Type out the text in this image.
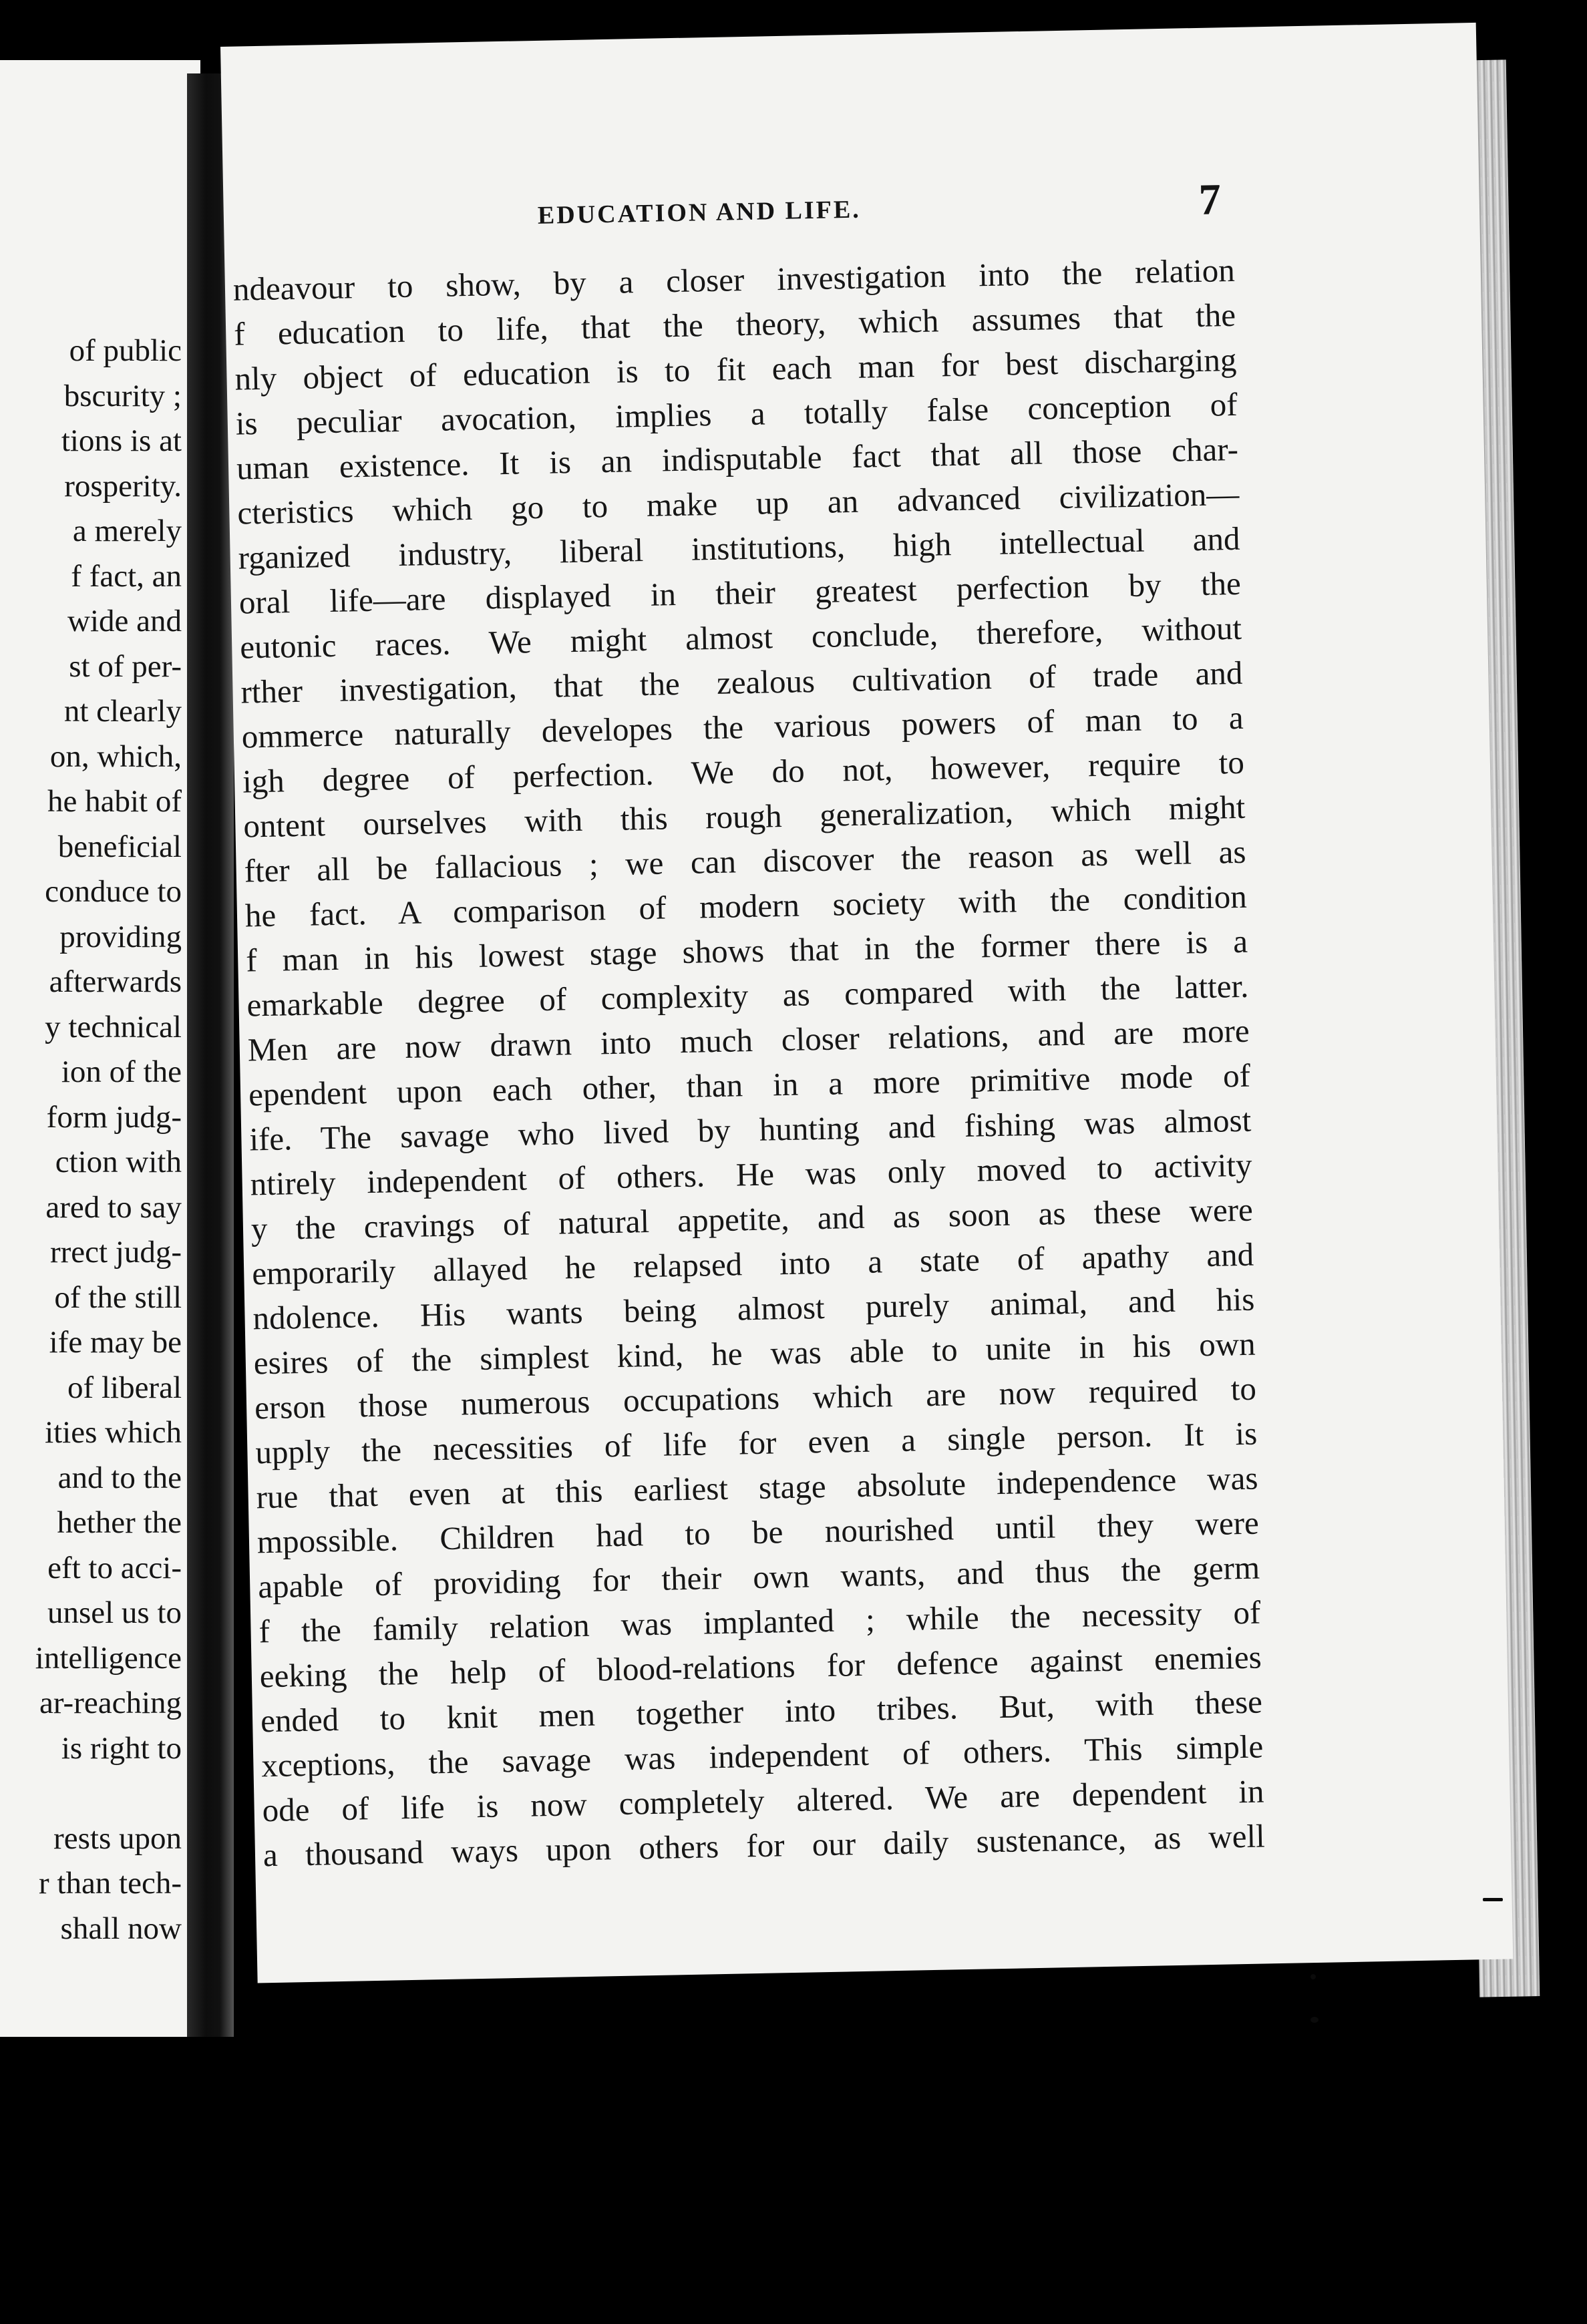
of public
bscurity ;
tions is at
rosperity.
a merely
f fact, an
wide and
st of per-
nt clearly
on, which,
he habit of
beneficial
conduce to
providing
afterwards
y technical
ion of the
form judg-
ction with
ared to say
rrect judg-
of the still
ife may be
of liberal
ities which
and to the
hether the
eft to acci-
unsel us to
intelligence
ar-reaching
is right to
rests upon
r than tech-
shall now
EDUCATION AND LIFE.	7
ndeavour to show, by a closer investigation into the relation
f education to life, that the theory, which assumes that the
nly object of education is to fit each man for best discharging
is peculiar avocation, implies a totally false conception of
uman existence. It is an indisputable fact that all those char-
cteristics which go to make up an advanced civilization—
rganized industry, liberal institutions, high intellectual and
oral life—are displayed in their greatest perfection by the
eutonic races. We might almost conclude, therefore, without
rther investigation, that the zealous cultivation of trade and
ommerce naturally developes the various powers of man to a
igh degree of perfection. We do not, however, require to
ontent ourselves with this rough generalization, which might
fter all be fallacious ; we can discover the reason as well as
he fact. A comparison of modern society with the condition
f man in his lowest stage shows that in the former there is a
emarkable degree of complexity as compared with the latter.
Men are now drawn into much closer relations, and are more
ependent upon each other, than in a more primitive mode of
ife. The savage who lived by hunting and fishing was almost
ntirely independent of others. He was only moved to activity
y the cravings of natural appetite, and as soon as these were
emporarily allayed he relapsed into a state of apathy and
ndolence. His wants being almost purely animal, and his
esires of the simplest kind, he was able to unite in his own
erson those numerous occupations which are now required to
upply the necessities of life for even a single person. It is
rue that even at this earliest stage absolute independence was
mpossible. Children had to be nourished until they were
apable of providing for their own wants, and thus the germ
f the family relation was implanted ; while the necessity of
eeking the help of blood-relations for defence against enemies
ended to knit men together into tribes. But, with these
xceptions, the savage was independent of others. This simple
ode of life is now completely altered. We are dependent in
a thousand ways upon others for our daily sustenance, as well
